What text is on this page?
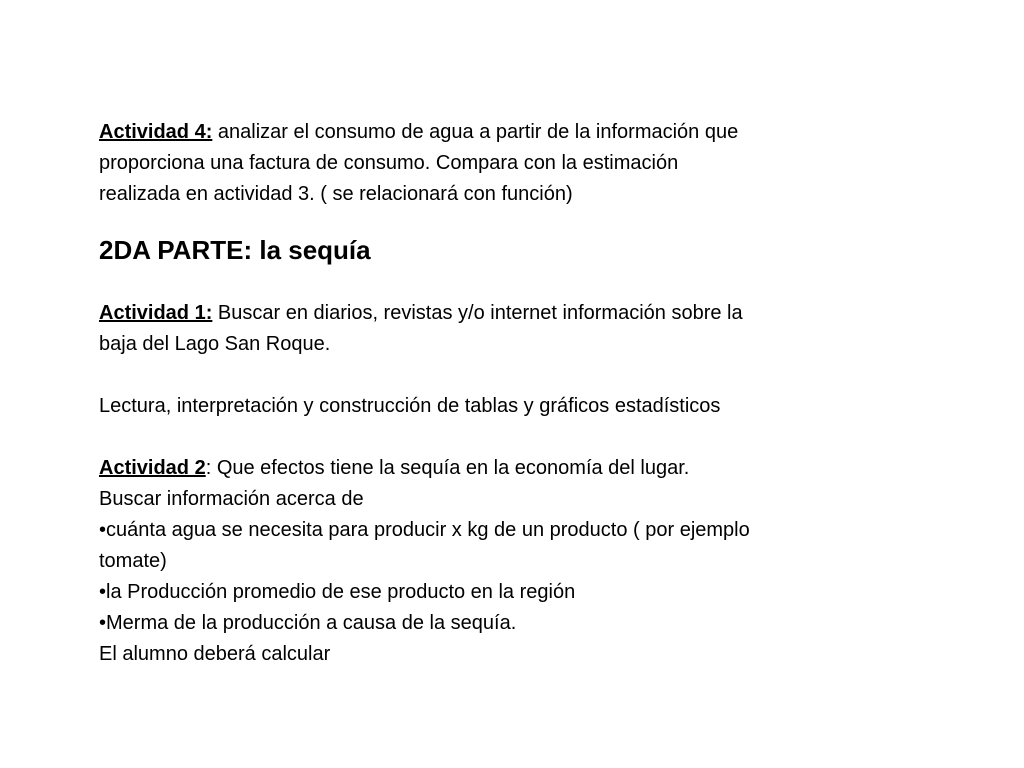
Actividad 4: analizar el consumo de agua a partir de la información que

proporciona una factura de consumo. Compara con la estimación

realizada en actividad 3. ( se relacionará con función)

2DA PARTE: la sequía

Actividad 1: Buscar en diarios, revistas y/o internet información sobre la

baja del Lago San Roque.

Lectura, interpretación y construcción de tablas y gráficos estadísticos

Actividad 2: Que efectos tiene la sequía en la economía del lugar.

Buscar información acerca de

• cuánta agua se necesita para producir x kg de un producto ( por ejemplo

tomate)

• la Producción promedio de ese producto en la región

• Merma de la producción a causa de la sequía.

El alumno deberá calcular
